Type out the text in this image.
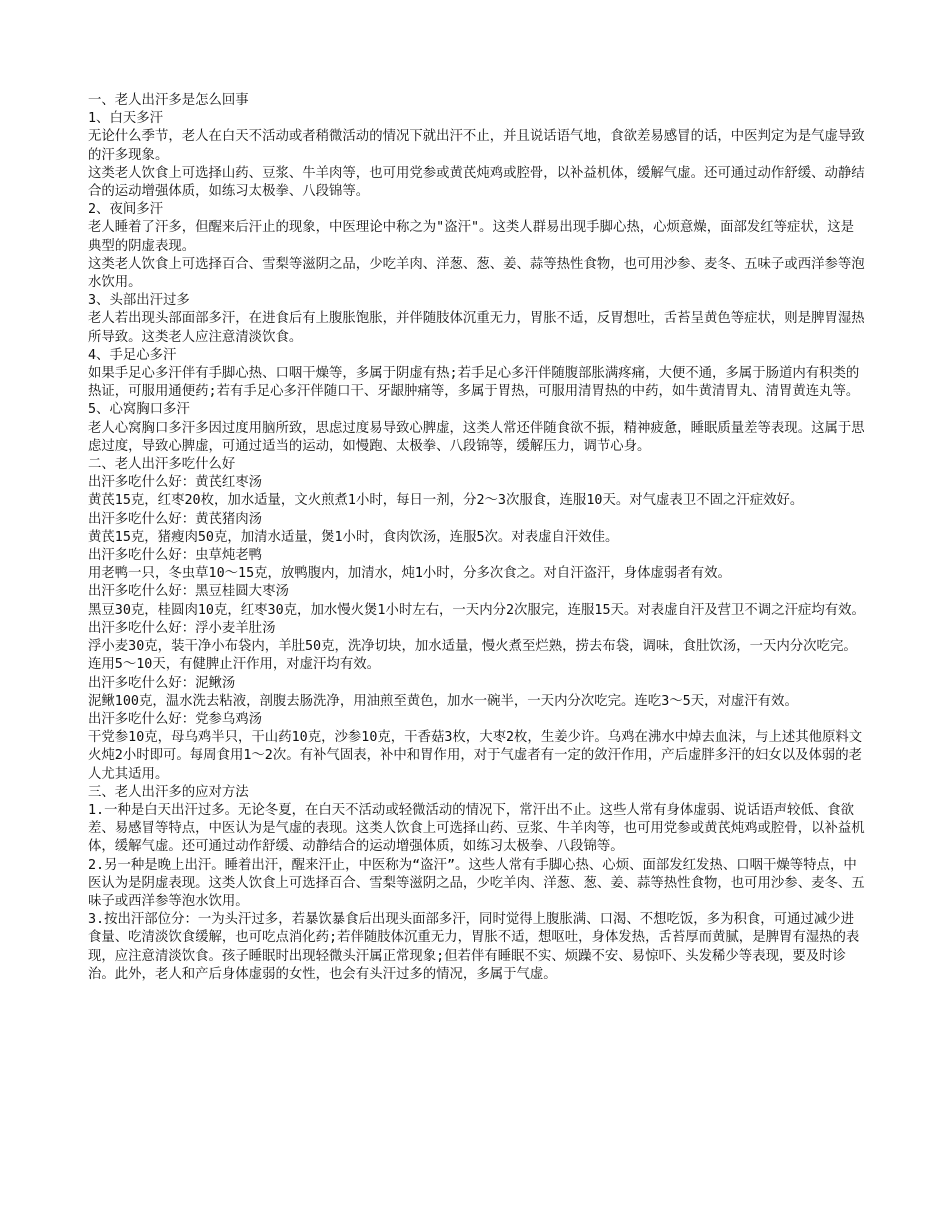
一、老人出汗多是怎么回事

1、白天多汗

无论什么季节，老人在白天不活动或者稍微活动的情况下就出汗不止，并且说话语气地，食欲差易感冒的话，中医判定为是气虚导致的汗多现象。

这类老人饮食上可选择山药、豆浆、牛羊肉等，也可用党参或黄芪炖鸡或腔骨，以补益机体，缓解气虚。还可通过动作舒缓、动静结合的运动增强体质，如练习太极拳、八段锦等。

2、夜间多汗

老人睡着了汗多，但醒来后汗止的现象，中医理论中称之为"盗汗"。这类人群易出现手脚心热，心烦意燥，面部发红等症状，这是典型的阴虚表现。

这类老人饮食上可选择百合、雪梨等滋阴之品，少吃羊肉、洋葱、葱、姜、蒜等热性食物，也可用沙参、麦冬、五味子或西洋参等泡水饮用。

3、头部出汗过多

老人若出现头部面部多汗，在进食后有上腹胀饱胀，并伴随肢体沉重无力，胃胀不适，反胃想吐，舌苔呈黄色等症状，则是脾胃湿热所导致。这类老人应注意清淡饮食。

4、手足心多汗

如果手足心多汗伴有手脚心热、口咽干燥等，多属于阴虚有热;若手足心多汗伴随腹部胀满疼痛，大便不通，多属于肠道内有积类的热证，可服用通便药;若有手足心多汗伴随口干、牙龈肿痛等，多属于胃热，可服用清胃热的中药，如牛黄清胃丸、清胃黄连丸等。

5、心窝胸口多汗

老人心窝胸口多汗多因过度用脑所致，思虑过度易导致心脾虚，这类人常还伴随食欲不振，精神疲惫，睡眠质量差等表现。这属于思虑过度，导致心脾虚，可通过适当的运动，如慢跑、太极拳、八段锦等，缓解压力，调节心身。

二、老人出汗多吃什么好

出汗多吃什么好：黄芪红枣汤

黄芪15克，红枣20枚，加水适量，文火煎煮1小时，每日一剂，分2～3次服食，连服10天。对气虚表卫不固之汗症效好。

出汗多吃什么好：黄芪猪肉汤

黄芪15克，猪瘦肉50克，加清水适量，煲1小时，食肉饮汤，连服5次。对表虚自汗效佳。

出汗多吃什么好：虫草炖老鸭

用老鸭一只，冬虫草10～15克，放鸭腹内，加清水，炖1小时，分多次食之。对自汗盗汗，身体虚弱者有效。

出汗多吃什么好：黑豆桂圆大枣汤

黑豆30克，桂圆肉10克，红枣30克，加水慢火煲1小时左右，一天内分2次服完，连服15天。对表虚自汗及营卫不调之汗症均有效。

出汗多吃什么好：浮小麦羊肚汤

浮小麦30克，装干净小布袋内，羊肚50克，洗净切块，加水适量，慢火煮至烂熟，捞去布袋，调味，食肚饮汤，一天内分次吃完。连用5～10天，有健脾止汗作用，对虚汗均有效。

出汗多吃什么好：泥鳅汤

泥鳅100克，温水洗去粘液，剖腹去肠洗净，用油煎至黄色，加水一碗半，一天内分次吃完。连吃3～5天，对虚汗有效。

出汗多吃什么好：党参乌鸡汤

干党参10克，母乌鸡半只，干山药10克，沙参10克，干香菇3枚，大枣2枚，生姜少许。乌鸡在沸水中焯去血沫，与上述其他原料文火炖2小时即可。每周食用1～2次。有补气固表，补中和胃作用，对于气虚者有一定的敛汗作用，产后虚胖多汗的妇女以及体弱的老人尤其适用。

三、老人出汗多的应对方法

1.一种是白天出汗过多。无论冬夏，在白天不活动或轻微活动的情况下，常汗出不止。这些人常有身体虚弱、说话语声较低、食欲差、易感冒等特点，中医认为是气虚的表现。这类人饮食上可选择山药、豆浆、牛羊肉等，也可用党参或黄芪炖鸡或腔骨，以补益机体，缓解气虚。还可通过动作舒缓、动静结合的运动增强体质，如练习太极拳、八段锦等。

2.另一种是晚上出汗。睡着出汗，醒来汗止，中医称为“盗汗”。这些人常有手脚心热、心烦、面部发红发热、口咽干燥等特点，中医认为是阴虚表现。这类人饮食上可选择百合、雪梨等滋阴之品，少吃羊肉、洋葱、葱、姜、蒜等热性食物，也可用沙参、麦冬、五味子或西洋参等泡水饮用。

3.按出汗部位分：一为头汗过多，若暴饮暴食后出现头面部多汗，同时觉得上腹胀满、口渴、不想吃饭，多为积食，可通过减少进食量、吃清淡饮食缓解，也可吃点消化药;若伴随肢体沉重无力，胃胀不适，想呕吐，身体发热，舌苔厚而黄腻，是脾胃有湿热的表现，应注意清淡饮食。孩子睡眠时出现轻微头汗属正常现象;但若伴有睡眠不实、烦躁不安、易惊吓、头发稀少等表现，要及时诊治。此外，老人和产后身体虚弱的女性，也会有头汗过多的情况，多属于气虚。
